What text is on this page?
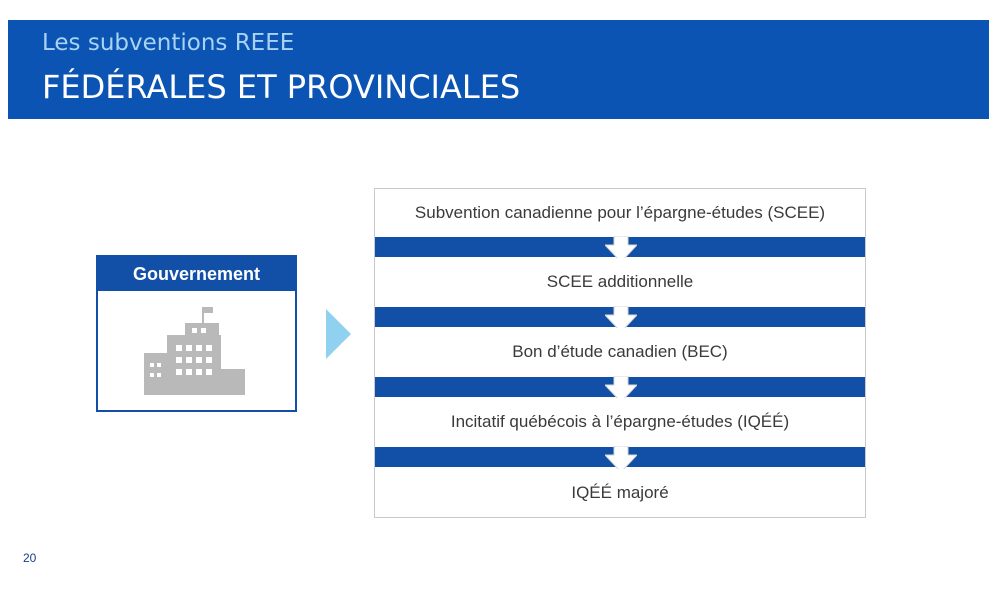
Les subventions REEE
FÉDÉRALES ET PROVINCIALES
Gouvernement
Subvention canadienne pour l’épargne-études (SCEE)
SCEE additionnelle
Bon d’étude canadien (BEC)
Incitatif québécois à l’épargne-études (IQÉÉ)
IQÉÉ majoré
20
